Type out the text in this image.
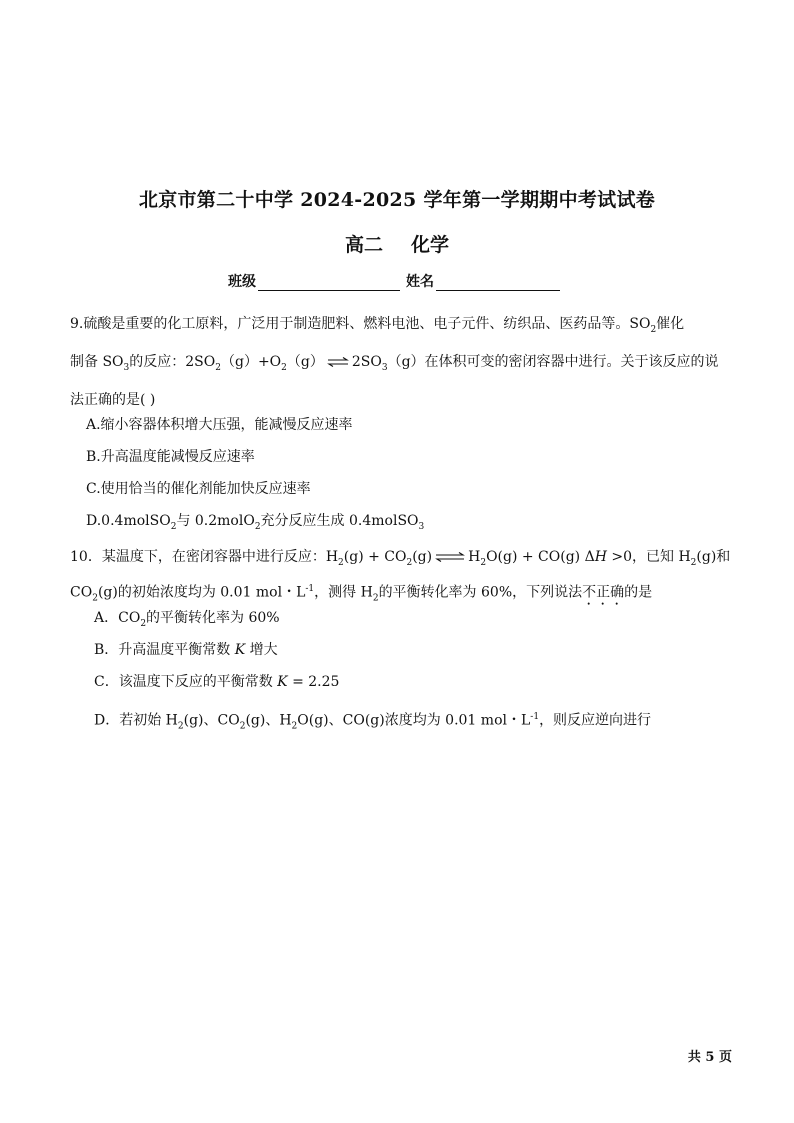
北京市第二十中学 2024-2025 学年第一学期期中考试试卷
高二 化学
班级	姓名

9.硫酸是重要的化工原料，广泛用于制造肥料、燃料电池、电子元件、纺织品、医药品等。$SO_2$催化

制备 $SO_3$的反应：$2SO_2(g)+O_2(g)$ ⇌ $2SO_3(g)$在体积可变的密闭容器中进行。关于该反应的说

法正确的是( )

A.缩小容器体积增大压强，能减慢反应速率
B.升高温度能减慢反应速率
C.使用恰当的催化剂能加快反应速率
D.0.4molSO$_2$与 0.2molO$_2$充分反应生成 0.4molSO$_3$
10．某温度下，在密闭容器中进行反应：$H_2(g) + CO_2(g)$ ⇌ $H_2O(g) + CO(g)$ ΔH >0，已知 $H_2(g)$和
$CO_2(g)$的初始浓度均为 0.01 mol・$L^{-1}$，测得 $H_2$的平衡转化率为 60%，下列说法不正确的是
A．$CO_2$的平衡转化率为 60%
B．升高温度平衡常数 K 增大
C．该温度下反应的平衡常数 K = 2.25
D．若初始 $H_2(g)$、$CO_2(g)$、$H_2O(g)$、CO(g)浓度均为 0.01 mol・$L^{-1}$，则反应逆向进行
共 5 页
